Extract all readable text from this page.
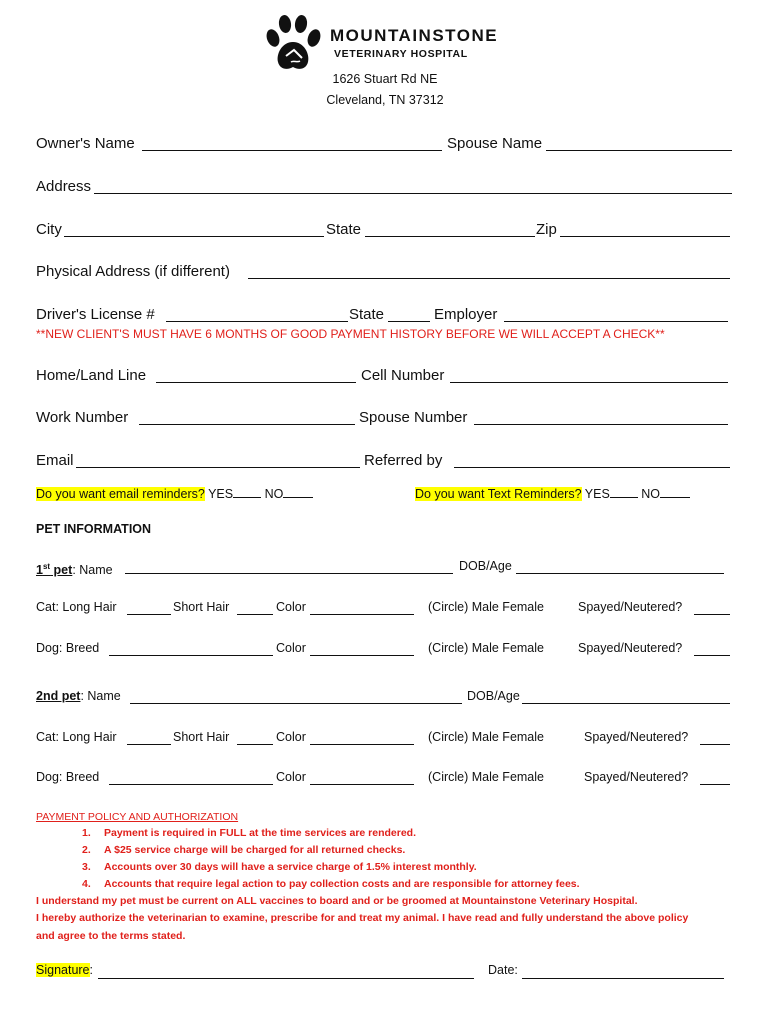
MOUNTAINSTONE
VETERINARY HOSPITAL
1626 Stuart Rd NE
Cleveland, TN 37312
Owner's Name	Spouse Name
Address
City	State	Zip
Physical Address (if different)
Driver's License #	State	Employer
**NEW CLIENT'S MUST HAVE 6 MONTHS OF GOOD PAYMENT HISTORY BEFORE WE WILL ACCEPT A CHECK**
Home/Land Line	Cell Number
Work Number	Spouse Number
Email	Referred by
Do you want email reminders? YES	NO	Do you want Text Reminders? YES	NO
PET INFORMATION
1st pet: Name	DOB/Age
Cat: Long Hair	Short Hair	Color	(Circle) Male Female	Spayed/Neutered?
Dog: Breed	Color	(Circle) Male Female	Spayed/Neutered?
2nd pet: Name	DOB/Age
Cat: Long Hair	Short Hair	Color	(Circle) Male Female	Spayed/Neutered?
Dog: Breed	Color	(Circle) Male Female	Spayed/Neutered?
PAYMENT POLICY AND AUTHORIZATION
1. Payment is required in FULL at the time services are rendered.
2. A $25 service charge will be charged for all returned checks.
3. Accounts over 30 days will have a service charge of 1.5% interest monthly.
4. Accounts that require legal action to pay collection costs and are responsible for attorney fees.
I understand my pet must be current on ALL vaccines to board and or be groomed at Mountainstone Veterinary Hospital.
I hereby authorize the veterinarian to examine, prescribe for and treat my animal. I have read and fully understand the above policy
and agree to the terms stated.
Signature:	Date:
